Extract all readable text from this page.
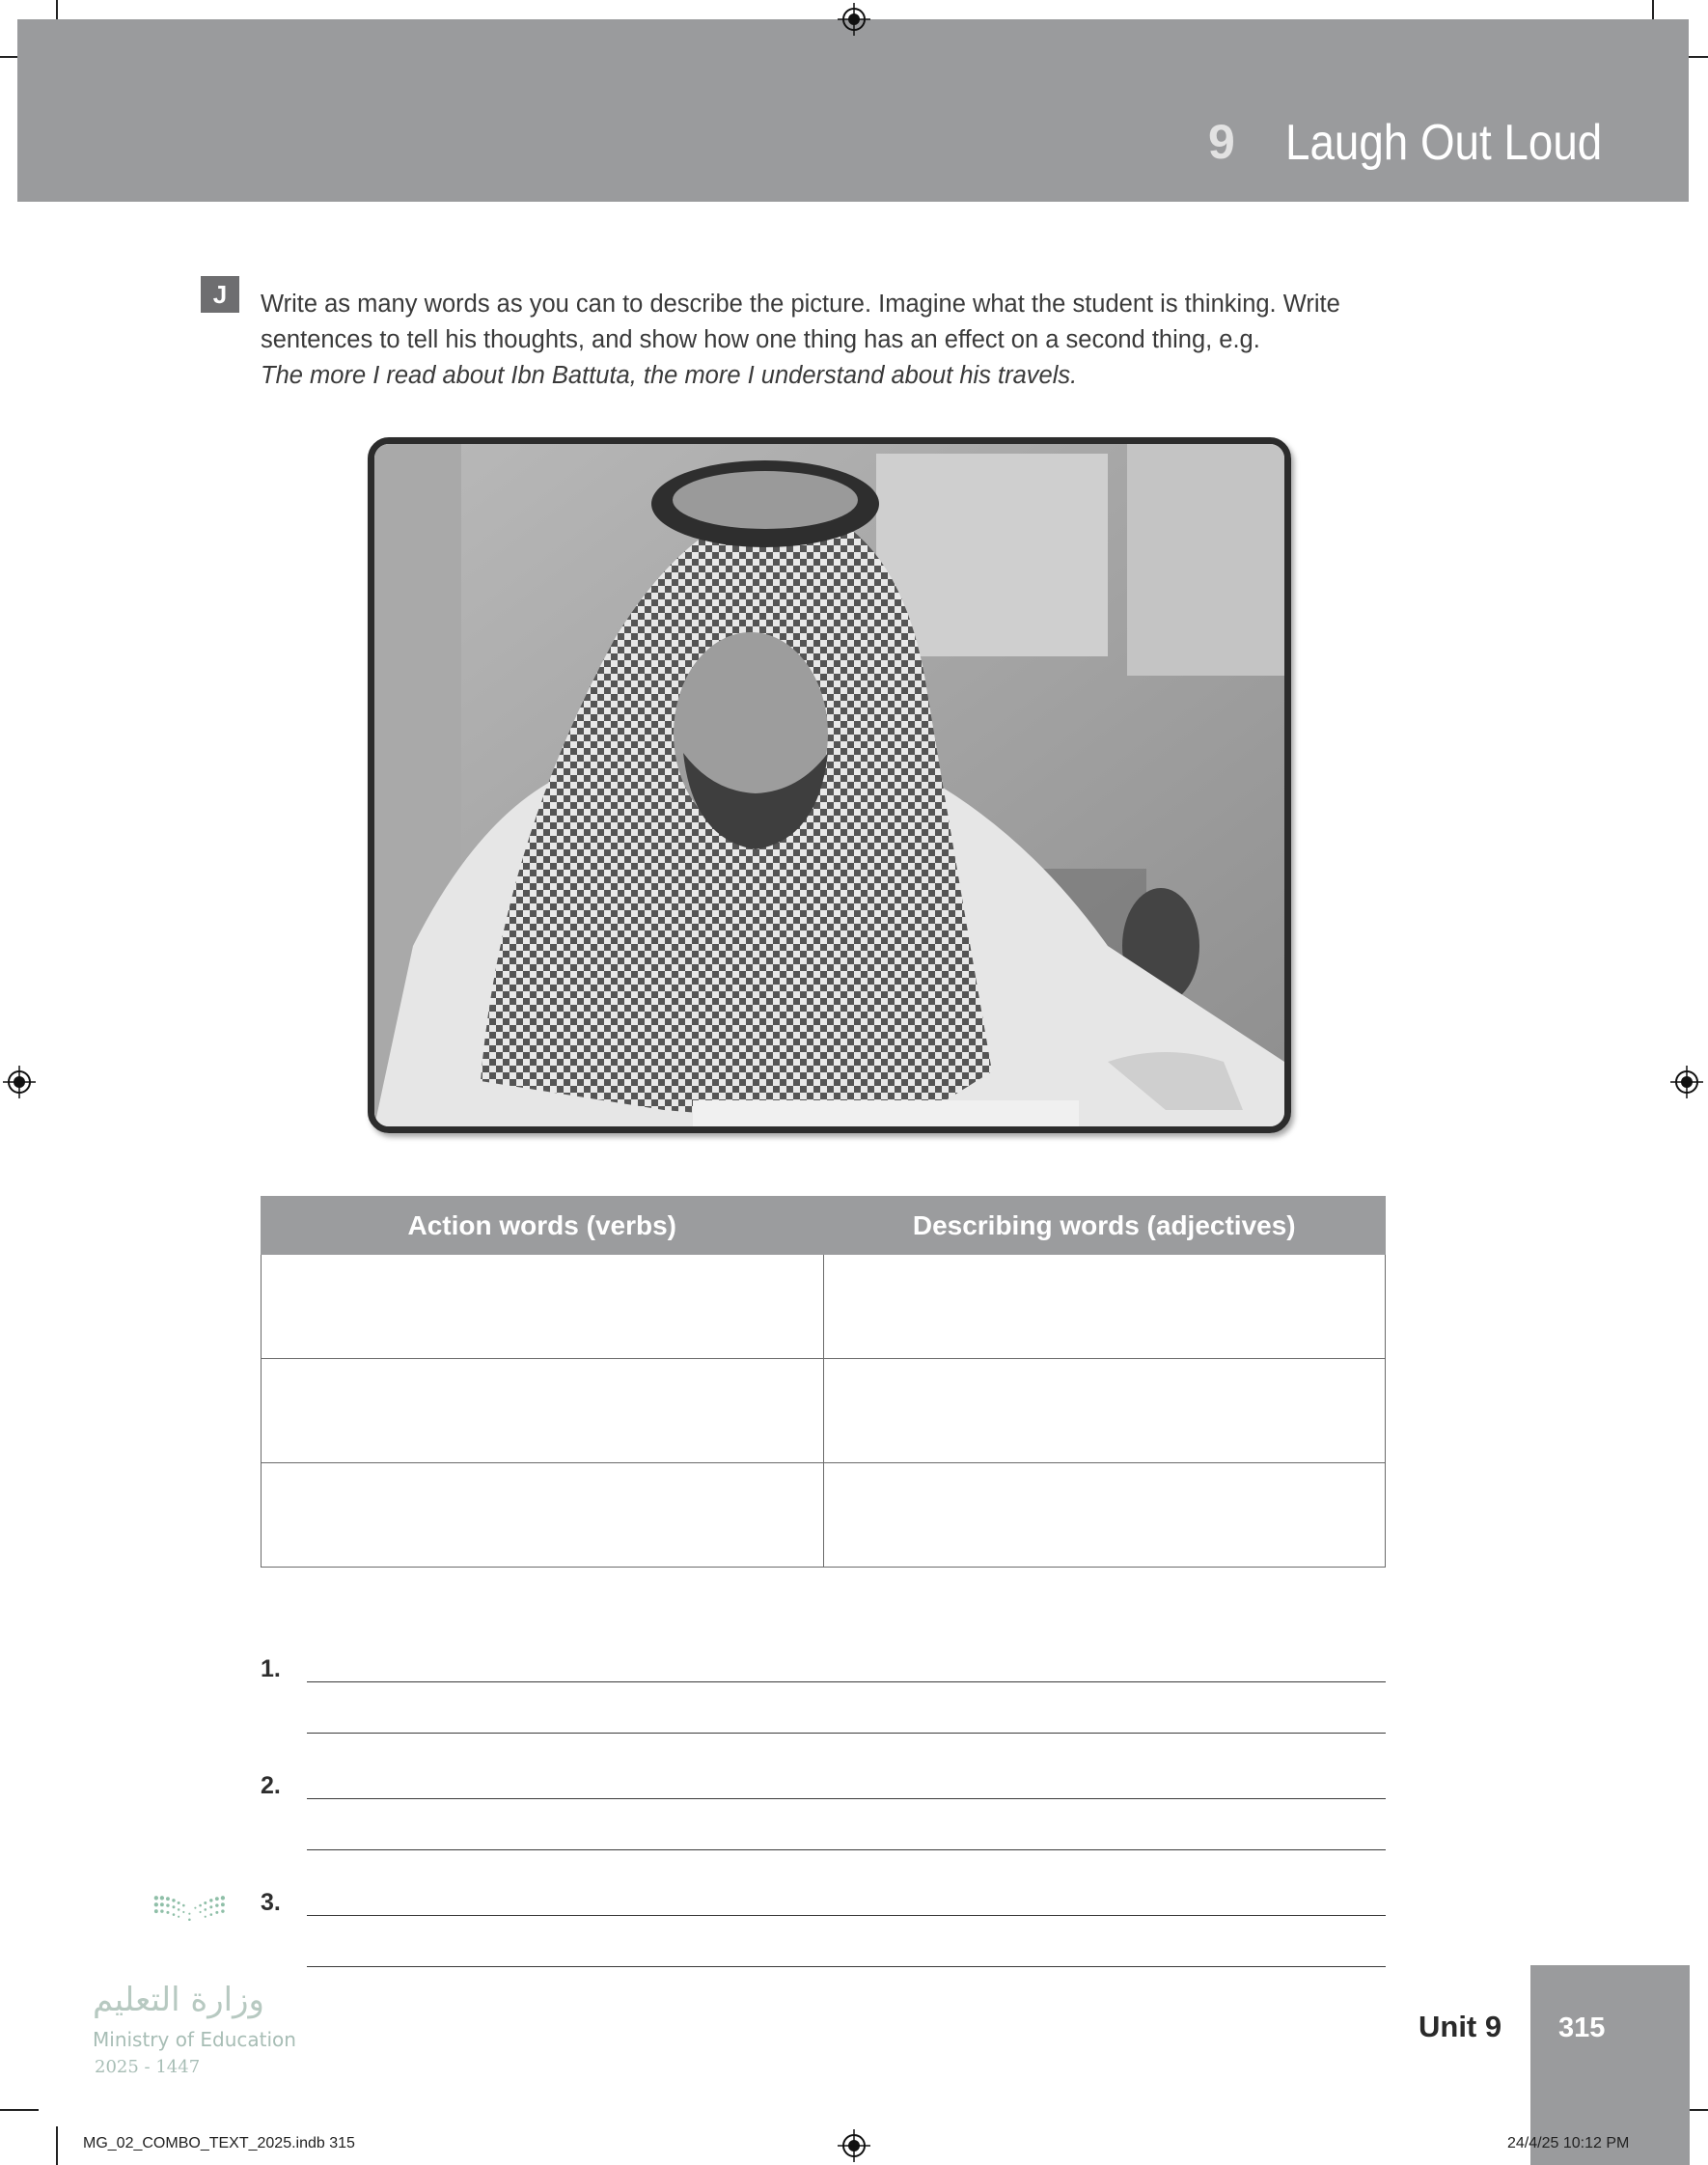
9 Laugh Out Loud
J	Write as many words as you can to describe the picture. Imagine what the student is thinking. Write sentences to tell his thoughts, and show how one thing has an effect on a second thing, e.g.
The more I read about Ibn Battuta, the more I understand about his travels.
Action words (verbs)	Describing words (adjectives)

1.
2.
3.
وزارة التعليم
Ministry of Education
2025 - 1447
Unit 9 315
MG_02_COMBO_TEXT_2025.indb 315	24/4/25 10:12 PM
